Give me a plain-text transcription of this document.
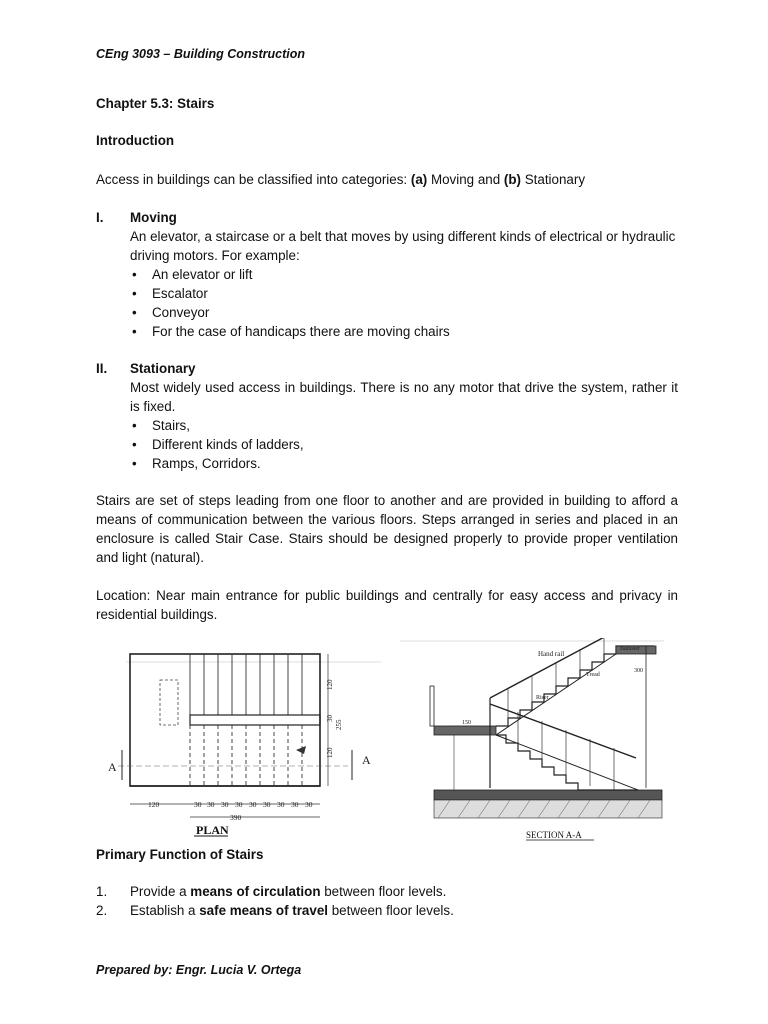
CEng 3093 – Building Construction
Chapter 5.3: Stairs
Introduction
Access in buildings can be classified into categories: (a) Moving and (b) Stationary
I. Moving
An elevator, a staircase or a belt that moves by using different kinds of electrical or hydraulic driving motors. For example:
• An elevator or lift
• Escalator
• Conveyor
• For the case of handicaps there are moving chairs
II. Stationary
Most widely used access in buildings. There is no any motor that drive the system, rather it is fixed.
• Stairs,
• Different kinds of ladders,
• Ramps, Corridors.
Stairs are set of steps leading from one floor to another and are provided in building to afford a means of communication between the various floors. Steps arranged in series and placed in an enclosure is called Stair Case. Stairs should be designed properly to provide proper ventilation and light (natural).
Location: Near main entrance for public buildings and centrally for easy access and privacy in residential buildings.
Primary Function of Stairs
1. Provide a means of circulation between floor levels.
2. Establish a safe means of travel between floor levels.
Prepared by: Engr. Lucia V. Ortega
A	A
120
30
120
255
120	30 30 30 30 30 30 30 30 30
390
PLAN
Hand rail
Baluster
Tread
Riser
150
300
SECTION A-A
